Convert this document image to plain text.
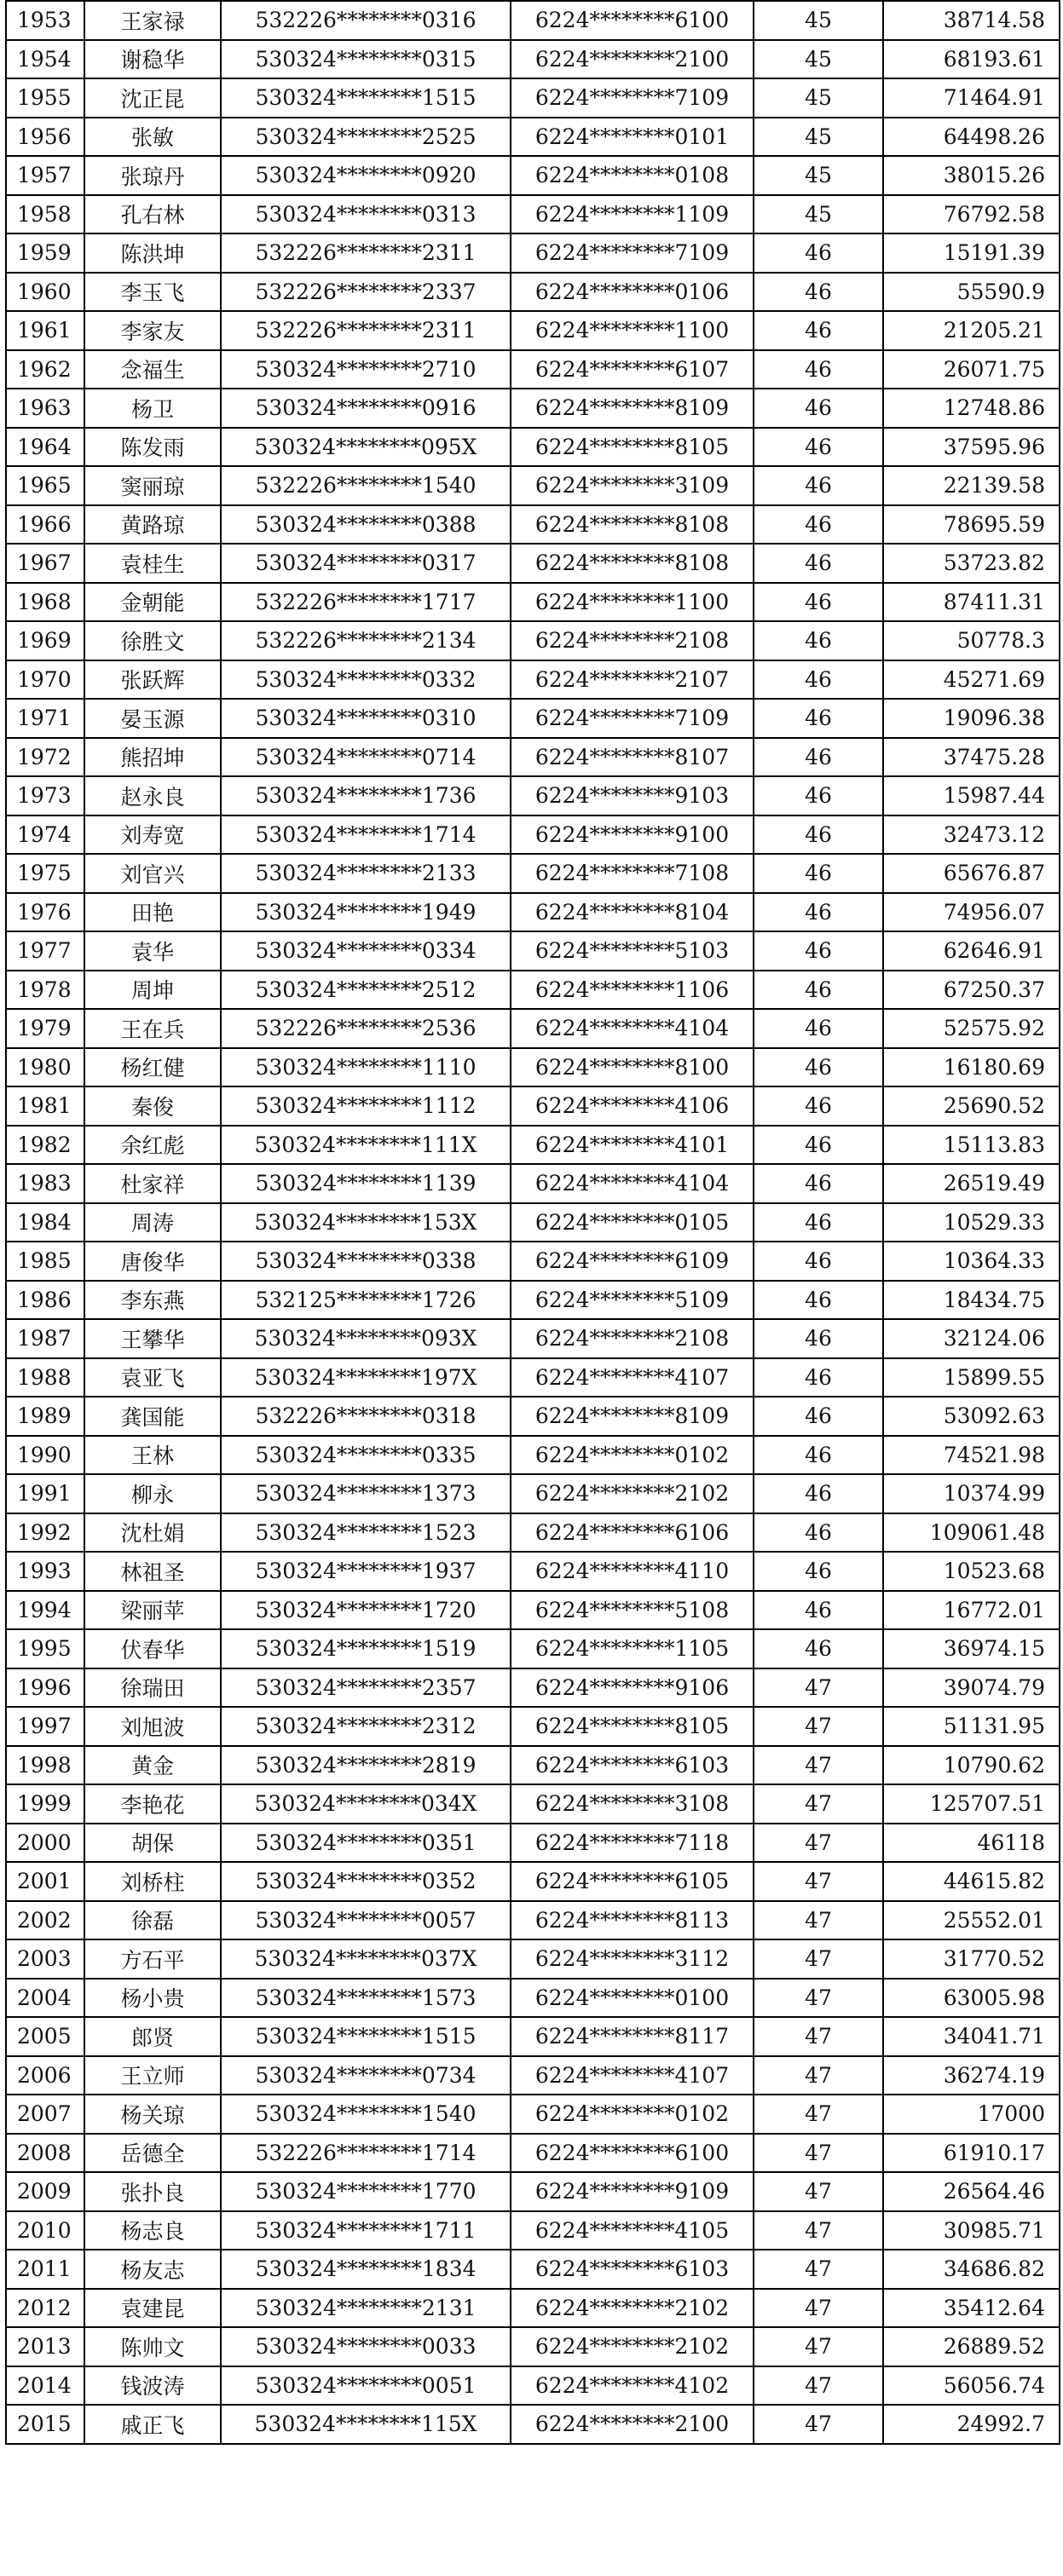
1953	王家禄	532226********0316	6224********6100	45	38714.58
1954	谢稳华	530324********0315	6224********2100	45	68193.61
1955	沈正昆	530324********1515	6224********7109	45	71464.91
1956	张敏	530324********2525	6224********0101	45	64498.26
1957	张琼丹	530324********0920	6224********0108	45	38015.26
1958	孔右林	530324********0313	6224********1109	45	76792.58
1959	陈洪坤	532226********2311	6224********7109	46	15191.39
1960	李玉飞	532226********2337	6224********0106	46	55590.9
1961	李家友	532226********2311	6224********1100	46	21205.21
1962	念福生	530324********2710	6224********6107	46	26071.75
1963	杨卫	530324********0916	6224********8109	46	12748.86
1964	陈发雨	530324********095X	6224********8105	46	37595.96
1965	窦丽琼	532226********1540	6224********3109	46	22139.58
1966	黄路琼	530324********0388	6224********8108	46	78695.59
1967	袁桂生	530324********0317	6224********8108	46	53723.82
1968	金朝能	532226********1717	6224********1100	46	87411.31
1969	徐胜文	532226********2134	6224********2108	46	50778.3
1970	张跃辉	530324********0332	6224********2107	46	45271.69
1971	晏玉源	530324********0310	6224********7109	46	19096.38
1972	熊招坤	530324********0714	6224********8107	46	37475.28
1973	赵永良	530324********1736	6224********9103	46	15987.44
1974	刘寿宽	530324********1714	6224********9100	46	32473.12
1975	刘官兴	530324********2133	6224********7108	46	65676.87
1976	田艳	530324********1949	6224********8104	46	74956.07
1977	袁华	530324********0334	6224********5103	46	62646.91
1978	周坤	530324********2512	6224********1106	46	67250.37
1979	王在兵	532226********2536	6224********4104	46	52575.92
1980	杨红健	530324********1110	6224********8100	46	16180.69
1981	秦俊	530324********1112	6224********4106	46	25690.52
1982	余红彪	530324********111X	6224********4101	46	15113.83
1983	杜家祥	530324********1139	6224********4104	46	26519.49
1984	周涛	530324********153X	6224********0105	46	10529.33
1985	唐俊华	530324********0338	6224********6109	46	10364.33
1986	李东燕	532125********1726	6224********5109	46	18434.75
1987	王攀华	530324********093X	6224********2108	46	32124.06
1988	袁亚飞	530324********197X	6224********4107	46	15899.55
1989	龚国能	532226********0318	6224********8109	46	53092.63
1990	王林	530324********0335	6224********0102	46	74521.98
1991	柳永	530324********1373	6224********2102	46	10374.99
1992	沈杜娟	530324********1523	6224********6106	46	109061.48
1993	林祖圣	530324********1937	6224********4110	46	10523.68
1994	梁丽苹	530324********1720	6224********5108	46	16772.01
1995	伏春华	530324********1519	6224********1105	46	36974.15
1996	徐瑞田	530324********2357	6224********9106	47	39074.79
1997	刘旭波	530324********2312	6224********8105	47	51131.95
1998	黄金	530324********2819	6224********6103	47	10790.62
1999	李艳花	530324********034X	6224********3108	47	125707.51
2000	胡保	530324********0351	6224********7118	47	46118
2001	刘桥柱	530324********0352	6224********6105	47	44615.82
2002	徐磊	530324********0057	6224********8113	47	25552.01
2003	方石平	530324********037X	6224********3112	47	31770.52
2004	杨小贵	530324********1573	6224********0100	47	63005.98
2005	郎贤	530324********1515	6224********8117	47	34041.71
2006	王立师	530324********0734	6224********4107	47	36274.19
2007	杨关琼	530324********1540	6224********0102	47	17000
2008	岳德全	532226********1714	6224********6100	47	61910.17
2009	张扑良	530324********1770	6224********9109	47	26564.46
2010	杨志良	530324********1711	6224********4105	47	30985.71
2011	杨友志	530324********1834	6224********6103	47	34686.82
2012	袁建昆	530324********2131	6224********2102	47	35412.64
2013	陈帅文	530324********0033	6224********2102	47	26889.52
2014	钱波涛	530324********0051	6224********4102	47	56056.74
2015	戚正飞	530324********115X	6224********2100	47	24992.7
